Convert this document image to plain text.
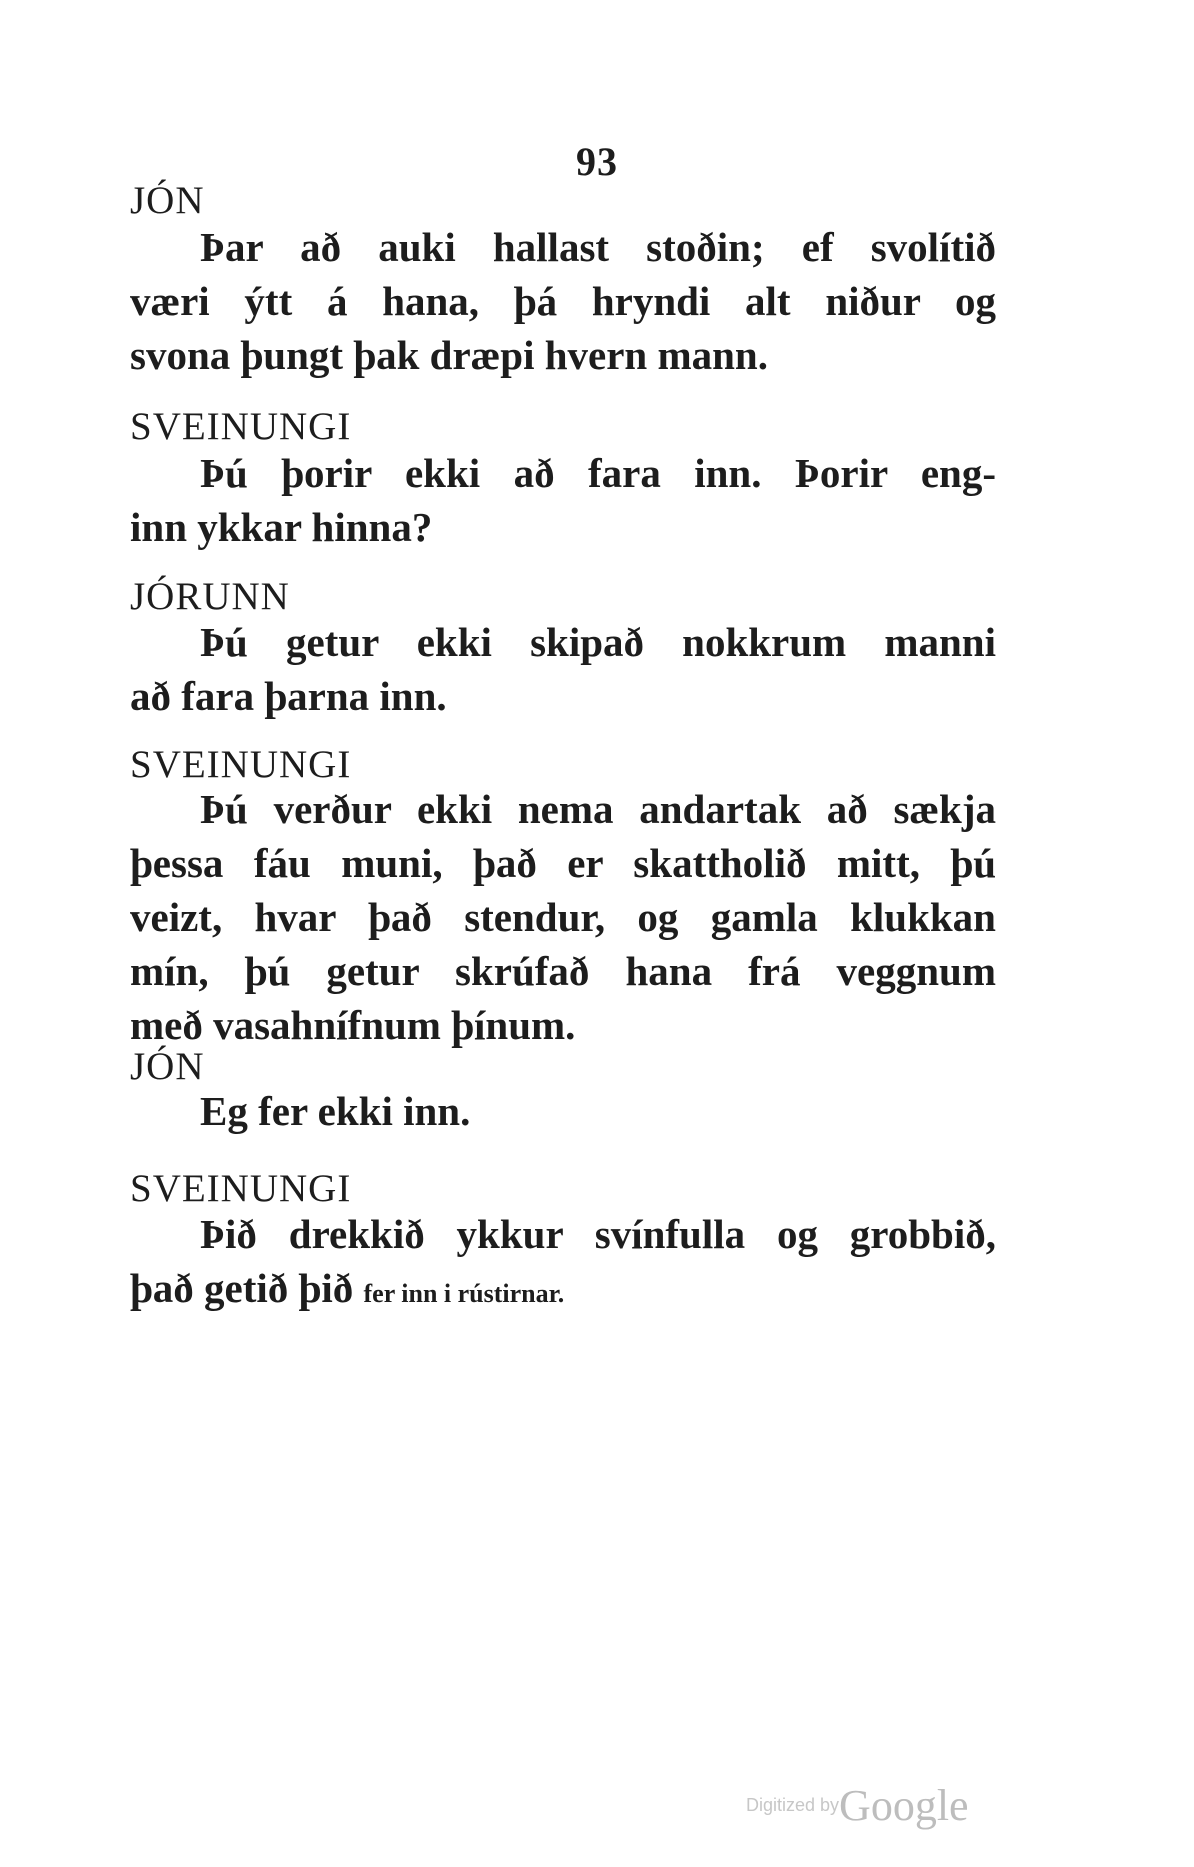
93
JÓN
Þar að auki hallast stoðin; ef svolítið
væri ýtt á hana, þá hryndi alt niður og
svona þungt þak dræpi hvern mann.
SVEINUNGI
Þú þorir ekki að fara inn. Þorir eng-
inn ykkar hinna?
JÓRUNN
Þú getur ekki skipað nokkrum manni
að fara þarna inn.
SVEINUNGI
Þú verður ekki nema andartak að sækja
þessa fáu muni, það er skattholið mitt, þú
veizt, hvar það stendur, og gamla klukkan
mín, þú getur skrúfað hana frá veggnum
með vasahnífnum þínum.
JÓN
Eg fer ekki inn.
SVEINUNGI
Þið drekkið ykkur svínfulla og grobbið,
það getið þið fer inn i rústirnar.
Digitized byGoogle
